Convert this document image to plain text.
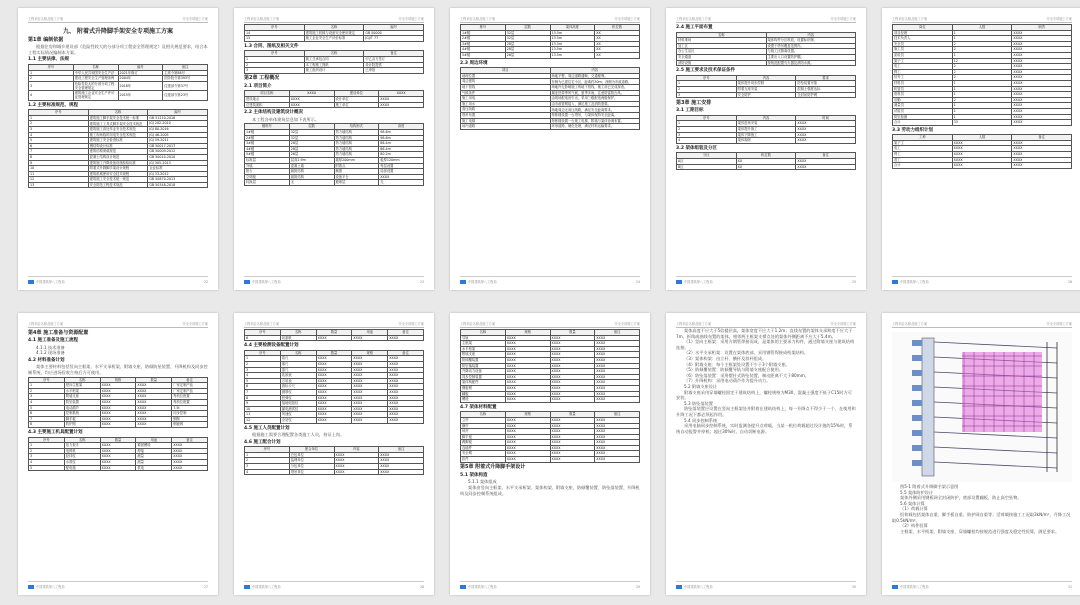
工程项目名称及施工方案	安全专项施工方案
九、 附着式升降脚手架安全专项施工方案
第1章 编制依据
根据住房和城乡建设部《危险性较大的分部分项工程安全管理规定》及相关规范要求，结合本工程实际情况编制本方案。
1.1 主要法律、法规
序号	名称	编号	备注
1	中华人民共和国安全生产法	2021年修订	主席令第88号
2	建设工程安全生产管理条例	2004年	国务院令第393号
3	危险性较大的分部分项工程安全管理规定	2018年	住建部令第37号
4	建筑施工企业安全生产许可证管理规定	2015年	住建部令第23号
1.2 主要标准规范、规程
序号	名称	编号
1	建筑施工脚手架安全技术统一标准	GB 51210-2016
2	建筑施工工具式脚手架安全技术规范	JGJ 202-2010
3	建筑施工高处作业安全技术规范	JGJ 80-2016
4	施工现场临时用电安全技术规范	JGJ 46-2005
5	建筑施工安全检查标准	JGJ 59-2011
6	钢结构设计标准	GB 50017-2017
7	建筑结构荷载规范	GB 50009-2012
8	混凝土结构设计规范	GB 50010-2010
9	建筑施工升降设备设施检验标准	JGJ 305-2013
10	附着式升降脚手架设计规程	企业标准
11	建筑机械使用安全技术规程	JGJ 33-2012
12	建筑施工安全技术统一规范	GB 50870-2013
13	安全防范工程技术规范	GB 50348-2018
中国建筑第八工程局	22
工程项目名称及施工方案	安全专项施工方案
序号	名称	编号
14	建筑施工机械与设备安全使用规定	GB 50000
15	施工企业安全生产评价标准	JGJ/T 77
1.3 合同、图纸及相关文件
序号	名称	备注
1	施工总承包合同	甲乙双方签订
2	本工程施工图纸	设计院提供
3	施工组织设计	已审批
第2章 工程概况
2.1 项目简介
项目名称	XXXX	建设单位	XXXX
建设地点	XXXX	设计单位	XXXX
总建筑面积	XXXX	施工单位	XXXX
2.2 主体结构及建筑设计概况
本工程各单体建筑信息如下表所示。
楼栋号	层数	结构形式	高度
1#楼	32层	剪力墙结构	98.6m
2#楼	32层	剪力墙结构	98.6m
3#楼	28层	剪力墙结构	86.4m
4#楼	28层	剪力墙结构	86.4m
5#楼	26层	剪力墙结构	80.2m
标准层	层高2.9m	墙厚200mm	板厚120mm
外墙	混凝土墙	附着点	每层设置
阳台	悬挑结构	飘窗	局部设置
空调板	悬挑结构	设备平台	XXXX
转换层	无	避难层	无
中国建筑第八工程局	23
工程项目名称及施工方案	安全专项施工方案
栋号	层数	架体高度	机位数
1#楼	32层	13.5m	XX
2#楼	32层	13.5m	XX
3#楼	28层	13.5m	XX
4#楼	28层	13.5m	XX
5#楼	26层	13.5m	XX
2.3 周边环境
项目	内容
地理位置	场地平整，周边道路通畅，交通便利。
周边建筑	东侧为已建住宅小区，距离约30m；西侧为市政道路。
地下管线	场地内无影响施工的地下管线，施工前已完成探查。
气候条件	属亚热带季风气候，夏季多雨，注意防雷防台风。
施工用电	由现场配电房引出，采用三级配电两级保护。
施工用水	由市政管网接入，满足施工及消防需要。
高压线路	场地周边无高压线路，满足安全距离要求。
塔吊布置	每栋楼设置一台塔吊，与架体保持安全距离。
施工电梯	每栋楼设置一台施工电梯，附墙与架体协调布置。
场内道路	环形道路，硬化处理，满足材料运输要求。
中国建筑第八工程局	24
工程项目名称及施工方案	安全专项施工方案
2.4 施工平面布置
名称	内容
材料堆场	架体构件分区堆放，设置标识牌。
加工区	设置于塔吊覆盖范围内。
办公生活区	与施工区隔离设置。
安全通道	主要出入口设置防护棚。
消防设施	按规范配置灭火器及消防水源。
2.5 施工要求及技术保证条件
序号	内容	要求
1	架体提升同步控制	防坠装置可靠
2	附着支座安装	混凝土强度达标
3	安全防护	全封闭防护网
第3章 施工安排
3.1 工期目标
序号	内容	时间
1	架体进场安装	XXXX
2	架体提升施工	XXXX
3	架体下降施工	XXXX
4	架体拆除	XXXX
3.2 架体组装及分区
分区	机位数	备注
A区	XX	XXXX
B区	XX	XXXX
中国建筑第八工程局	25
工程项目名称及施工方案	安全专项施工方案
岗位	人数	职责
项目经理	1	XXXX
技术负责人	1	XXXX
安全员	2	XXXX
施工员	2	XXXX
质检员	1	XXXX
架子工	12	XXXX
电工	2	XXXX
焊工	2	XXXX
信号工	2	XXXX
材料员	1	XXXX
机管员	1	XXXX
资料员	1	XXXX
后勤	2	XXXX
测量员	1	XXXX
试验员	1	XXXX
防坠检测	1	XXXX
合计	33	XXXX
3.3 劳动力组织计划
工种	人数	备注
架子工	XXXX	XXXX
电工	XXXX	XXXX
焊工	XXXX	XXXX
普工	XXXX	XXXX
合计	XXXX	XXXX
中国建筑第八工程局	26
工程项目名称及施工方案	安全专项施工方案
第4章 施工准备与资源配置
4.1 施工准备及施工流程
4.1.1 技术准备
4.1.2 现场准备
4.2 材料准备计划
架体主要材料包括竖向主框架、水平支承桁架、附墙支座、防倾防坠装置、升降机构及同步控制系统，均应进场验收合格后方可使用。
序号	名称	规格	数量	备注
1	竖向主框架	XXXX	XXXX	厂家定制产品
2	水平桁架	XXXX	XXXX	厂家定制产品
3	附墙支座	XXXX	XXXX	每机位配置
4	防坠装置	XXXX	XXXX	每机位配置
5	电动葫芦	XXXX	XXXX	7.5t
6	控制系统	XXXX	XXXX	同步控制
7	脚手板	XXXX	XXXX	钢制
8	防护网	XXXX	XXXX	钢板网
4.3 主要施工机具配置计划
序号	名称	数量	用途	备注
1	扭力扳手	XXXX	紧固螺栓	XXXX
2	电焊机	XXXX	焊接	XXXX
3	经纬仪	XXXX	测量	XXXX
4	水准仪	XXXX	测量	XXXX
5	配电箱	XXXX	供电	XXXX
中国建筑第八工程局	27
工程项目名称及施工方案	安全专项施工方案
序号	名称	数量	用途	备注
6	切割机	XXXX	XXXX	XXXX
4.4 主要检测设备配置计划
序号	名称	数量	规格	备注
1	卷尺	XXXX	XXXX	XXXX
2	塞尺	XXXX	XXXX	XXXX
3	靠尺	XXXX	XXXX	XXXX
4	兆欧表	XXXX	XXXX	XXXX
5	万用表	XXXX	XXXX	XXXX
6	游标卡尺	XXXX	XXXX	XXXX
7	测厚仪	XXXX	XXXX	XXXX
8	回弹仪	XXXX	XXXX	XXXX
9	接地电阻仪	XXXX	XXXX	XXXX
10	漏电测试仪	XXXX	XXXX	XXXX
11	风速仪	XXXX	XXXX	XXXX
12	全站仪	XXXX	XXXX	XXXX
4.5 施工人员配置计划
根据施工需要合理配置各类施工人员，持证上岗。
4.6 施工配合计划
序号	配合单位	内容	备注
1	总包单位	XXXX	XXXX
2	监理单位	XXXX	XXXX
3	分包单位	XXXX	XXXX
4	塔吊单位	XXXX	XXXX
中国建筑第八工程局	28
工程项目名称及施工方案	安全专项施工方案
名称	规格	数量	备注
导轨	XXXX	XXXX	XXXX
主框架	XXXX	XXXX	XXXX
水平桁架	XXXX	XXXX	XXXX
附墙支座	XXXX	XXXX	XXXX
防倾覆装置	XXXX	XXXX	XXXX
防坠落装置	XXXX	XXXX	XXXX
升降动力设备	XXXX	XXXX	XXXX
同步控制装置	XXXX	XXXX	XXXX
架体构配件	XXXX	XXXX	XXXX
钢板网	XXXX	XXXX	XXXX
翻板	XXXX	XXXX	XXXX
螺栓	XXXX	XXXX	XXXX
4.7 架体材料配置
名称	规格	数量	备注
立杆	XXXX	XXXX	XXXX
横杆	XXXX	XXXX	XXXX
斜杆	XXXX	XXXX	XXXX
脚手板	XXXX	XXXX	XXXX
踢脚板	XXXX	XXXX	XXXX
连墙件	XXXX	XXXX	XXXX
安全网	XXXX	XXXX	XXXX
扣件	XXXX	XXXX	XXXX
第5章 附着式升降脚手架设计
5.1 架体构造
5.1.1 架体组成
架体由竖向主框架、水平支承桁架、架体构架、附墙支座、防倾覆装置、防坠落装置、升降机构及同步控制系统组成。
中国建筑第八工程局	29
工程项目名称及施工方案	安全专项施工方案
架体高度不应大于5倍楼层高，架体宽度不应大于1.2m；直线布置的架体支承跨度不应大于7m，折线或曲线布置的架体，相邻两主框架支撑点处的架体外侧距离不应大于5.4m。
（1）竖向主框架：采用方钢管焊接而成，是架体的主要承力构件，通过附墙支座与建筑结构连接。
（2）水平支承桁架：设置在架体底部，采用钢管焊接成桁架结构。
（3）架体构架：由立杆、横杆及斜杆组成。
（4）附墙支座：每个主框架处设置不少于3个附墙支座。
（5）防倾覆装置：防倾覆导轨与附墙支座配合使用。
（6）防坠落装置：采用摆针式防坠装置，制动距离不大于80mm。
（7）升降机构：采用电动葫芦作为提升动力。
5.2 附墙支座设计
附墙支座采用穿墙螺栓固定于建筑结构上，螺栓规格为M30，混凝土强度不低于C15时方可安装。
5.3 防坠落装置
防坠落装置应设置在竖向主框架处并附着在建筑结构上，每一升降点不得少于一个，在使用和升降工况下都必须起作用。
5.4 同步控制系统
采用电脑同步控制系统，实时监测各提升点荷载，当某一机位荷载超过设计值的15%时，系统自动报警并停机；超过30%时，自动切断电源。
中国建筑第八工程局	30
工程项目名称及施工方案	安全专项施工方案
图5-1 附着式升降脚手架示意图
5.5 架体防护设计
架体外侧采用钢板网全封闭防护，底部设置翻板，防止高空坠物。
5.6 架体计算
（1）荷载计算
恒荷载包括架体自重、脚手板自重、防护网自重等；活荷载按施工工况取3kN/m²，升降工况取0.5kN/m²。
（2）构件验算
主框架、水平桁架、附墙支座、穿墙螺栓均按规范进行强度及稳定性验算，满足要求。
中国建筑第八工程局	31
